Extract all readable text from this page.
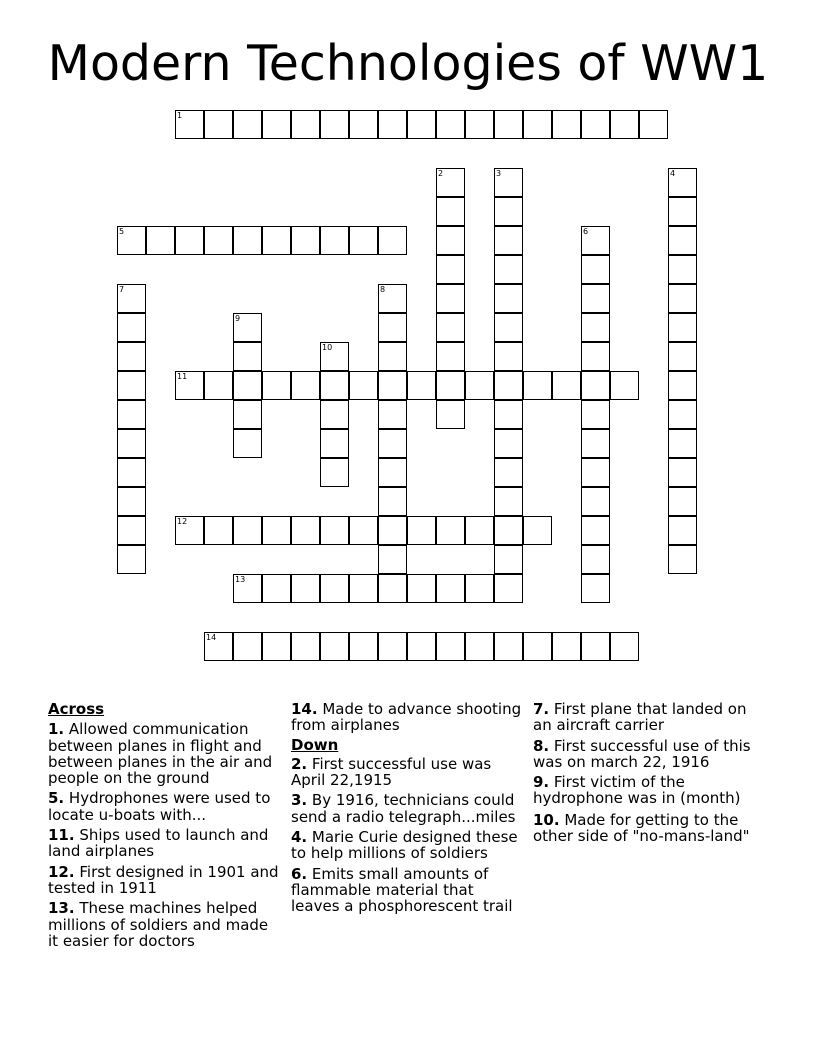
Modern Technologies of WW1
1
2	3	4
5	6
7	8
9
10
11
12
13
14
Across
1. Allowed communication between planes in flight and between planes in the air and people on the ground
5. Hydrophones were used to locate u-boats with...
11. Ships used to launch and land airplanes
12. First designed in 1901 and tested in 1911
13. These machines helped millions of soldiers and made it easier for doctors
14. Made to advance shooting from airplanes
Down
2. First successful use was April 22,1915
3. By 1916, technicians could send a radio telegraph...miles
4. Marie Curie designed these to help millions of soldiers
6. Emits small amounts of flammable material that leaves a phosphorescent trail
7. First plane that landed on an aircraft carrier
8. First successful use of this was on march 22, 1916
9. First victim of the hydrophone was in (month)
10. Made for getting to the other side of "no-mans-land"
